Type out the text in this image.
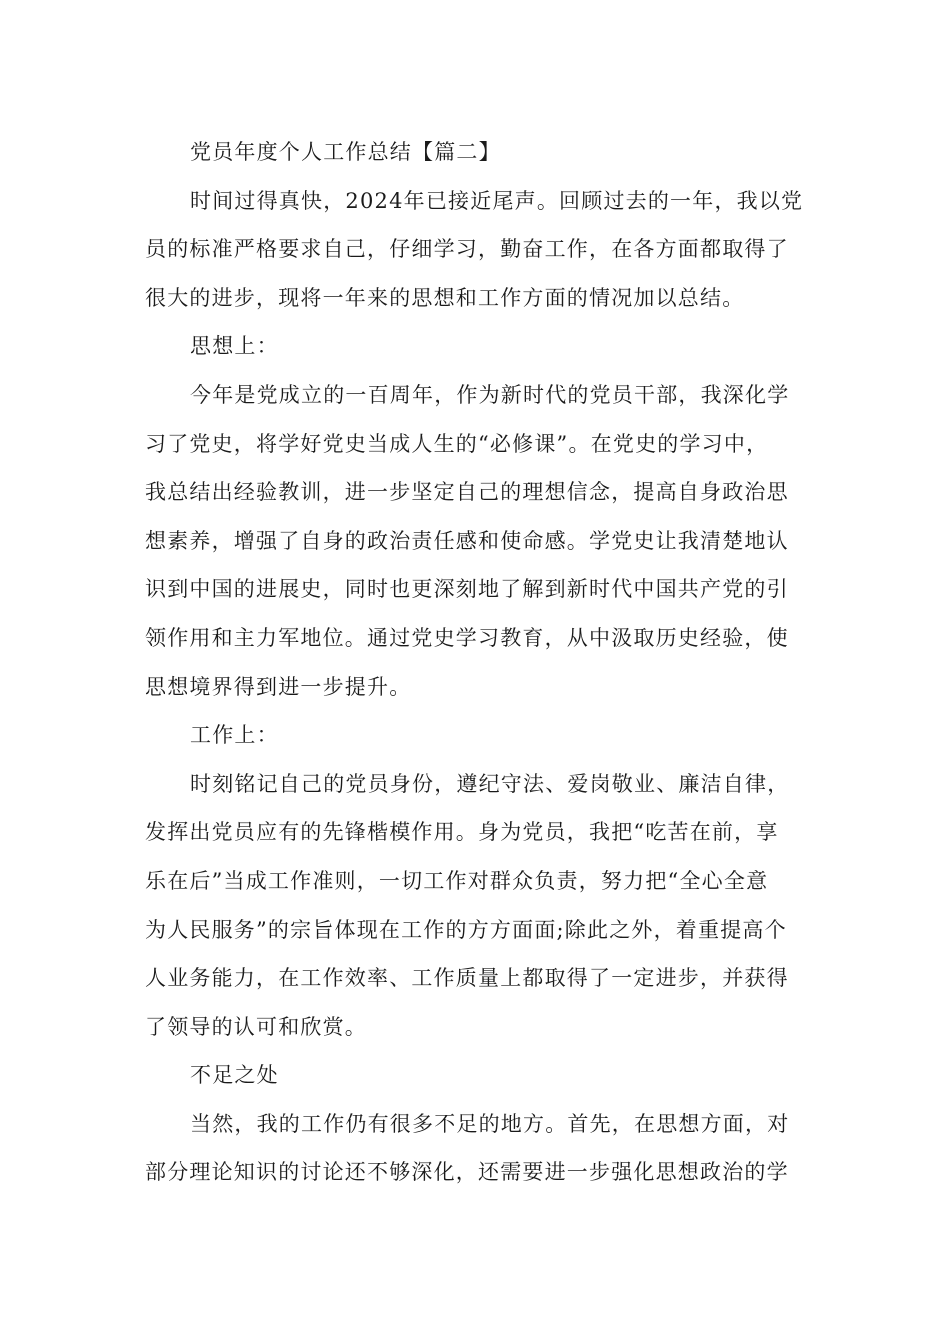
党员年度个人工作总结【篇二】
时间过得真快，2024年已接近尾声。回顾过去的一年，我以党
员的标准严格要求自己，仔细学习，勤奋工作，在各方面都取得了
很大的进步，现将一年来的思想和工作方面的情况加以总结。
思想上：
今年是党成立的一百周年，作为新时代的党员干部，我深化学
习了党史，将学好党史当成人生的“必修课”。在党史的学习中，
我总结出经验教训，进一步坚定自己的理想信念，提高自身政治思
想素养，增强了自身的政治责任感和使命感。学党史让我清楚地认
识到中国的进展史，同时也更深刻地了解到新时代中国共产党的引
领作用和主力军地位。通过党史学习教育，从中汲取历史经验，使
思想境界得到进一步提升。
工作上：
时刻铭记自己的党员身份，遵纪守法、爱岗敬业、廉洁自律，
发挥出党员应有的先锋楷模作用。身为党员，我把“吃苦在前，享
乐在后”当成工作准则，一切工作对群众负责，努力把“全心全意
为人民服务”的宗旨体现在工作的方方面面;除此之外，着重提高个
人业务能力，在工作效率、工作质量上都取得了一定进步，并获得
了领导的认可和欣赏。
不足之处
当然，我的工作仍有很多不足的地方。首先，在思想方面，对
部分理论知识的讨论还不够深化，还需要进一步强化思想政治的学
